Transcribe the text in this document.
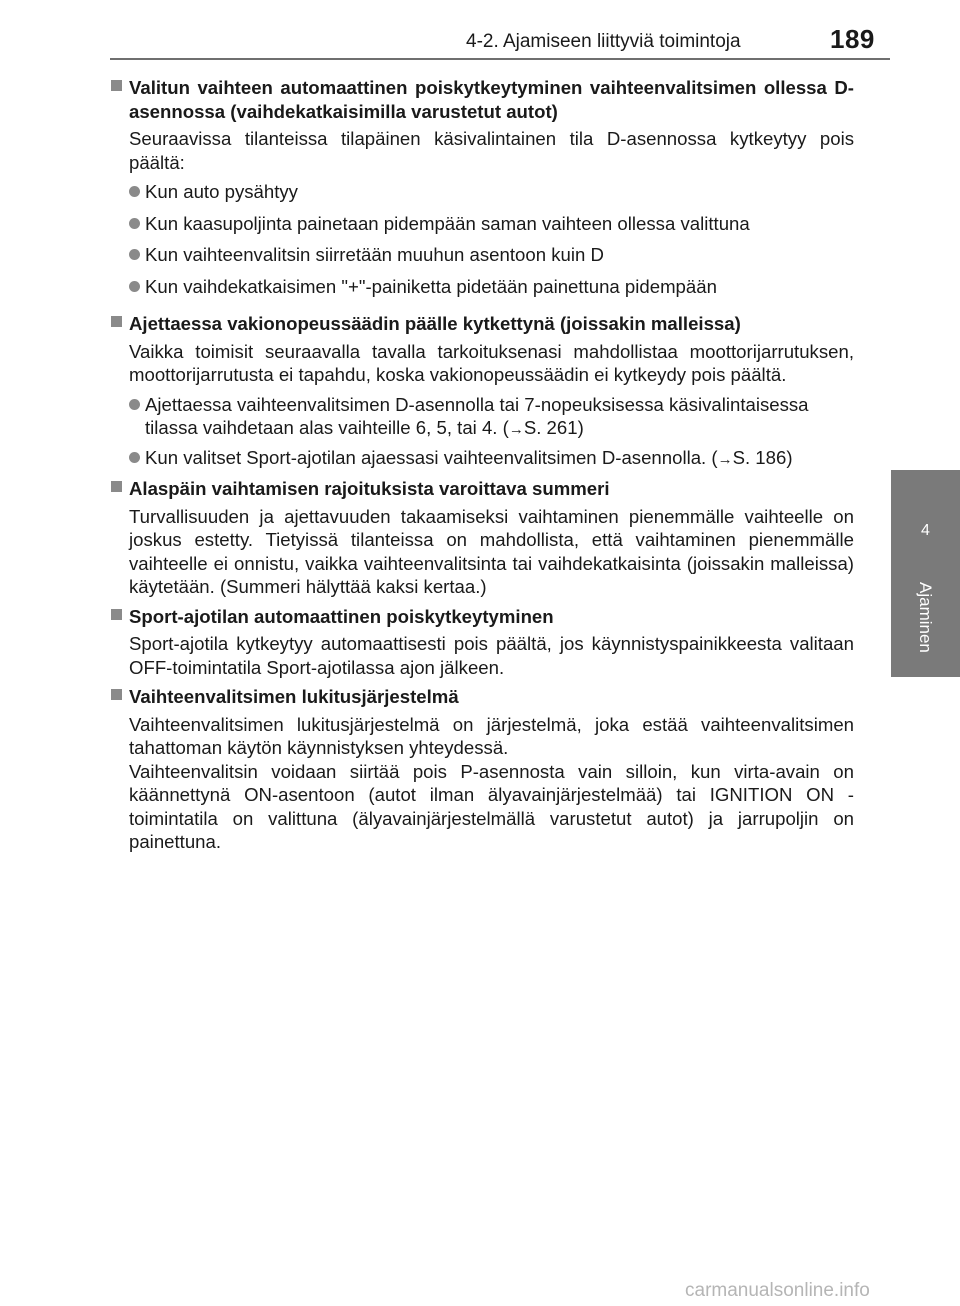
4-2. Ajamiseen liittyviä toimintoja	189
4
Ajaminen
Valitun vaihteen automaattinen poiskytkeytyminen vaihteenvalitsimen ollessa D-asennossa (vaihdekatkaisimilla varustetut autot)
Seuraavissa tilanteissa tilapäinen käsivalintainen tila D-asennossa kytkeytyy pois päältä:
Kun auto pysähtyy
Kun kaasupoljinta painetaan pidempään saman vaihteen ollessa valittuna
Kun vaihteenvalitsin siirretään muuhun asentoon kuin D
Kun vaihdekatkaisimen "+"-painiketta pidetään painettuna pidempään
Ajettaessa vakionopeussäädin päälle kytkettynä (joissakin malleissa)
Vaikka toimisit seuraavalla tavalla tarkoituksenasi mahdollistaa moottorijarrutuksen, moottorijarrutusta ei tapahdu, koska vakionopeussäädin ei kytkeydy pois päältä.
Ajettaessa vaihteenvalitsimen D-asennolla tai 7-nopeuksisessa käsivalintaisessa tilassa vaihdetaan alas vaihteille 6, 5, tai 4. (→S. 261)
Kun valitset Sport-ajotilan ajaessasi vaihteenvalitsimen D-asennolla. (→S. 186)
Alaspäin vaihtamisen rajoituksista varoittava summeri
Turvallisuuden ja ajettavuuden takaamiseksi vaihtaminen pienemmälle vaihteelle on joskus estetty. Tietyissä tilanteissa on mahdollista, että vaihtaminen pienemmälle vaihteelle ei onnistu, vaikka vaihteenvalitsinta tai vaihdekatkaisinta (joissakin malleissa) käytetään. (Summeri hälyttää kaksi kertaa.)
Sport-ajotilan automaattinen poiskytkeytyminen
Sport-ajotila kytkeytyy automaattisesti pois päältä, jos käynnistyspainikkeesta valitaan OFF-toimintatila Sport-ajotilassa ajon jälkeen.
Vaihteenvalitsimen lukitusjärjestelmä
Vaihteenvalitsimen lukitusjärjestelmä on järjestelmä, joka estää vaihteenvalitsimen tahattoman käytön käynnistyksen yhteydessä.
Vaihteenvalitsin voidaan siirtää pois P-asennosta vain silloin, kun virta-avain on käännettynä ON-asentoon (autot ilman älyavainjärjestelmää) tai IGNITION ON -toimintatila on valittuna (älyavainjärjestelmällä varustetut autot) ja jarrupoljin on painettuna.
carmanualsonline.info
